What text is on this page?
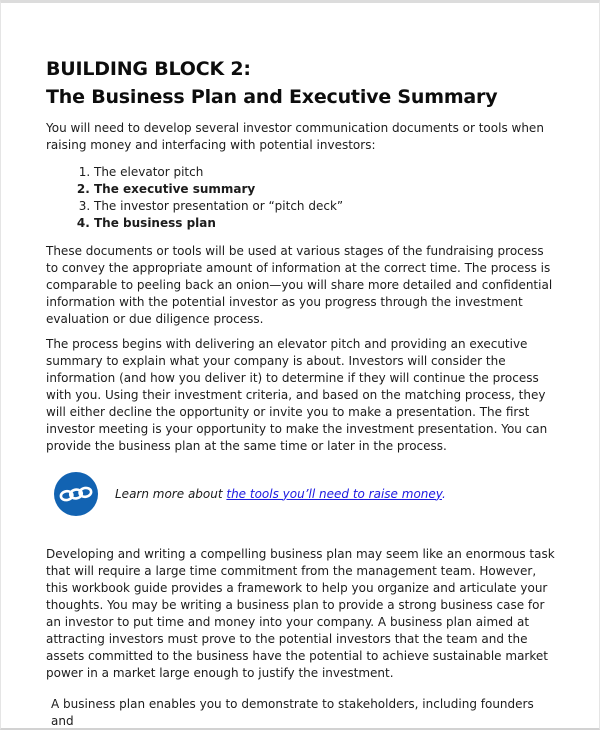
BUILDING BLOCK 2:
The Business Plan and Executive Summary

You will need to develop several investor communication documents or tools when raising money and interfacing with potential investors:

1. The elevator pitch
2. The executive summary
3. The investor presentation or “pitch deck”
4. The business plan

These documents or tools will be used at various stages of the fundraising process to convey the appropriate amount of information at the correct time. The process is comparable to peeling back an onion—you will share more detailed and confidential information with the potential investor as you progress through the investment evaluation or due diligence process.

The process begins with delivering an elevator pitch and providing an executive summary to explain what your company is about. Investors will consider the information (and how you deliver it) to determine if they will continue the process with you. Using their investment criteria, and based on the matching process, they will either decline the opportunity or invite you to make a presentation. The first investor meeting is your opportunity to make the investment presentation. You can provide the business plan at the same time or later in the process.

Learn more about the tools you’ll need to raise money.

Developing and writing a compelling business plan may seem like an enormous task that will require a large time commitment from the management team. However, this workbook guide provides a framework to help you organize and articulate your thoughts. You may be writing a business plan to provide a strong business case for an investor to put time and money into your company. A business plan aimed at attracting investors must prove to the potential investors that the team and the assets committed to the business have the potential to achieve sustainable market power in a market large enough to justify the investment.

A business plan enables you to demonstrate to stakeholders, including founders and
